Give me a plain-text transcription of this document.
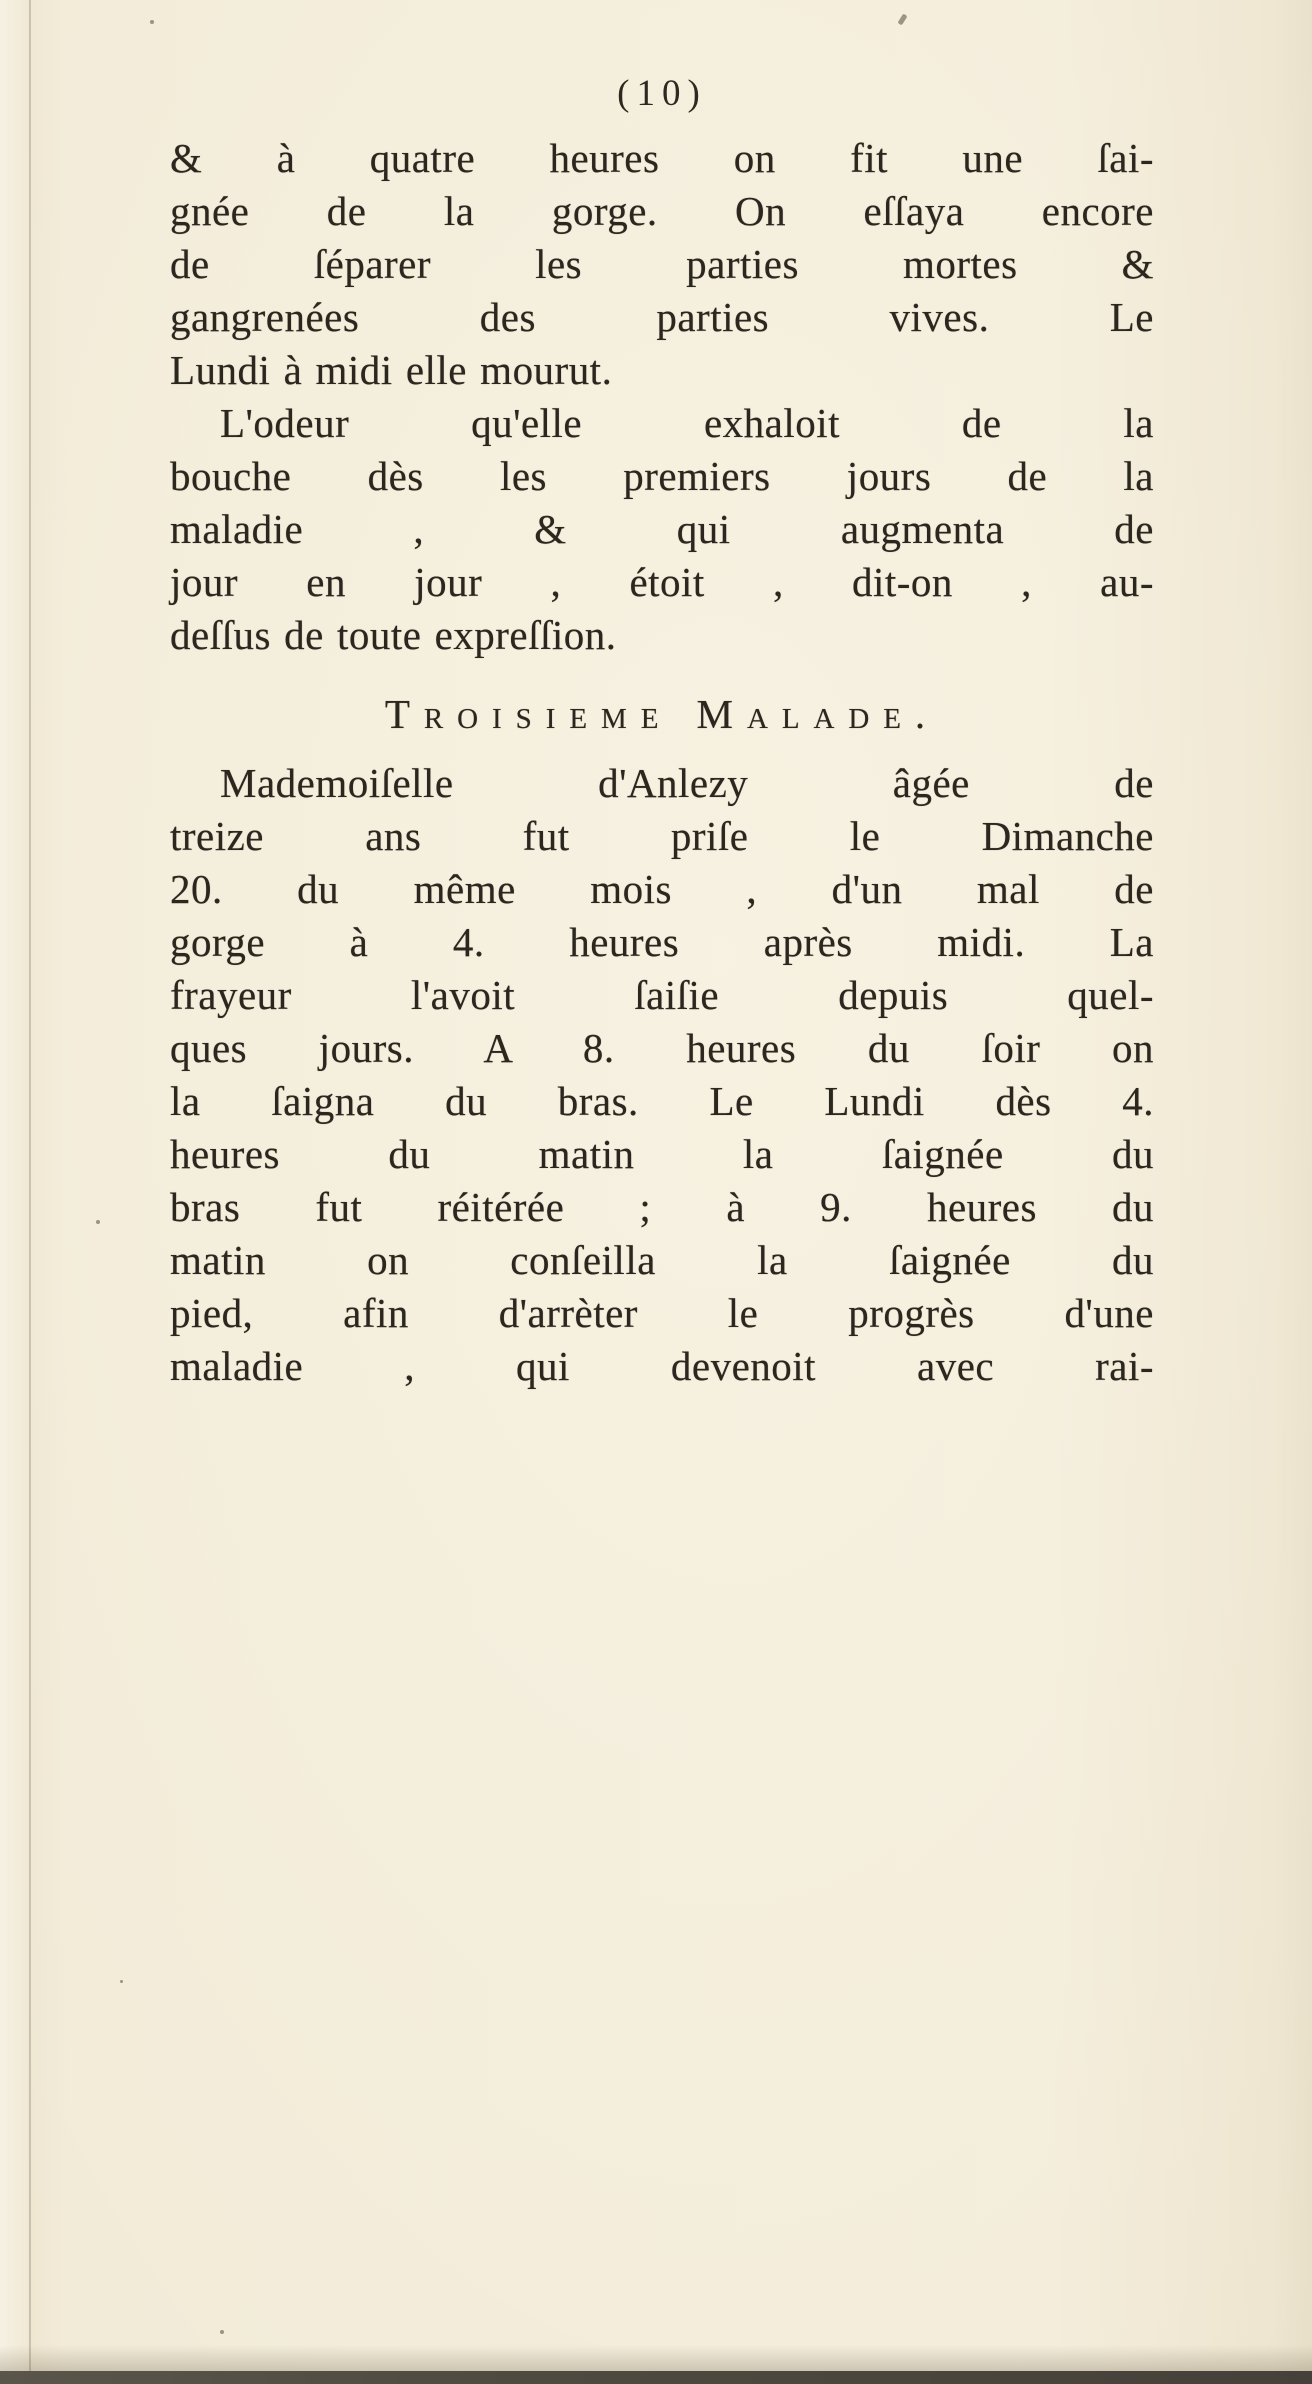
(10)
& à quatre heures on fit une ſai-
gnée de la gorge. On eſſaya encore
de ſéparer les parties mortes &
gangrenées des parties vives. Le
Lundi à midi elle mourut.
L'odeur qu'elle exhaloit de la
bouche dès les premiers jours de la
maladie , & qui augmenta de
jour en jour , étoit , dit-on , au-
deſſus de toute expreſſion.
Troisieme Malade.
Mademoiſelle d'Anlezy âgée de
treize ans fut priſe le Dimanche
20. du même mois , d'un mal de
gorge à 4. heures après midi. La
frayeur l'avoit ſaiſie depuis quel-
ques jours. A 8. heures du ſoir on
la ſaigna du bras. Le Lundi dès 4.
heures du matin la ſaignée du
bras fut réitérée ; à 9. heures du
matin on conſeilla la ſaignée du
pied, afin d'arrèter le progrès d'une
maladie , qui devenoit avec rai-
